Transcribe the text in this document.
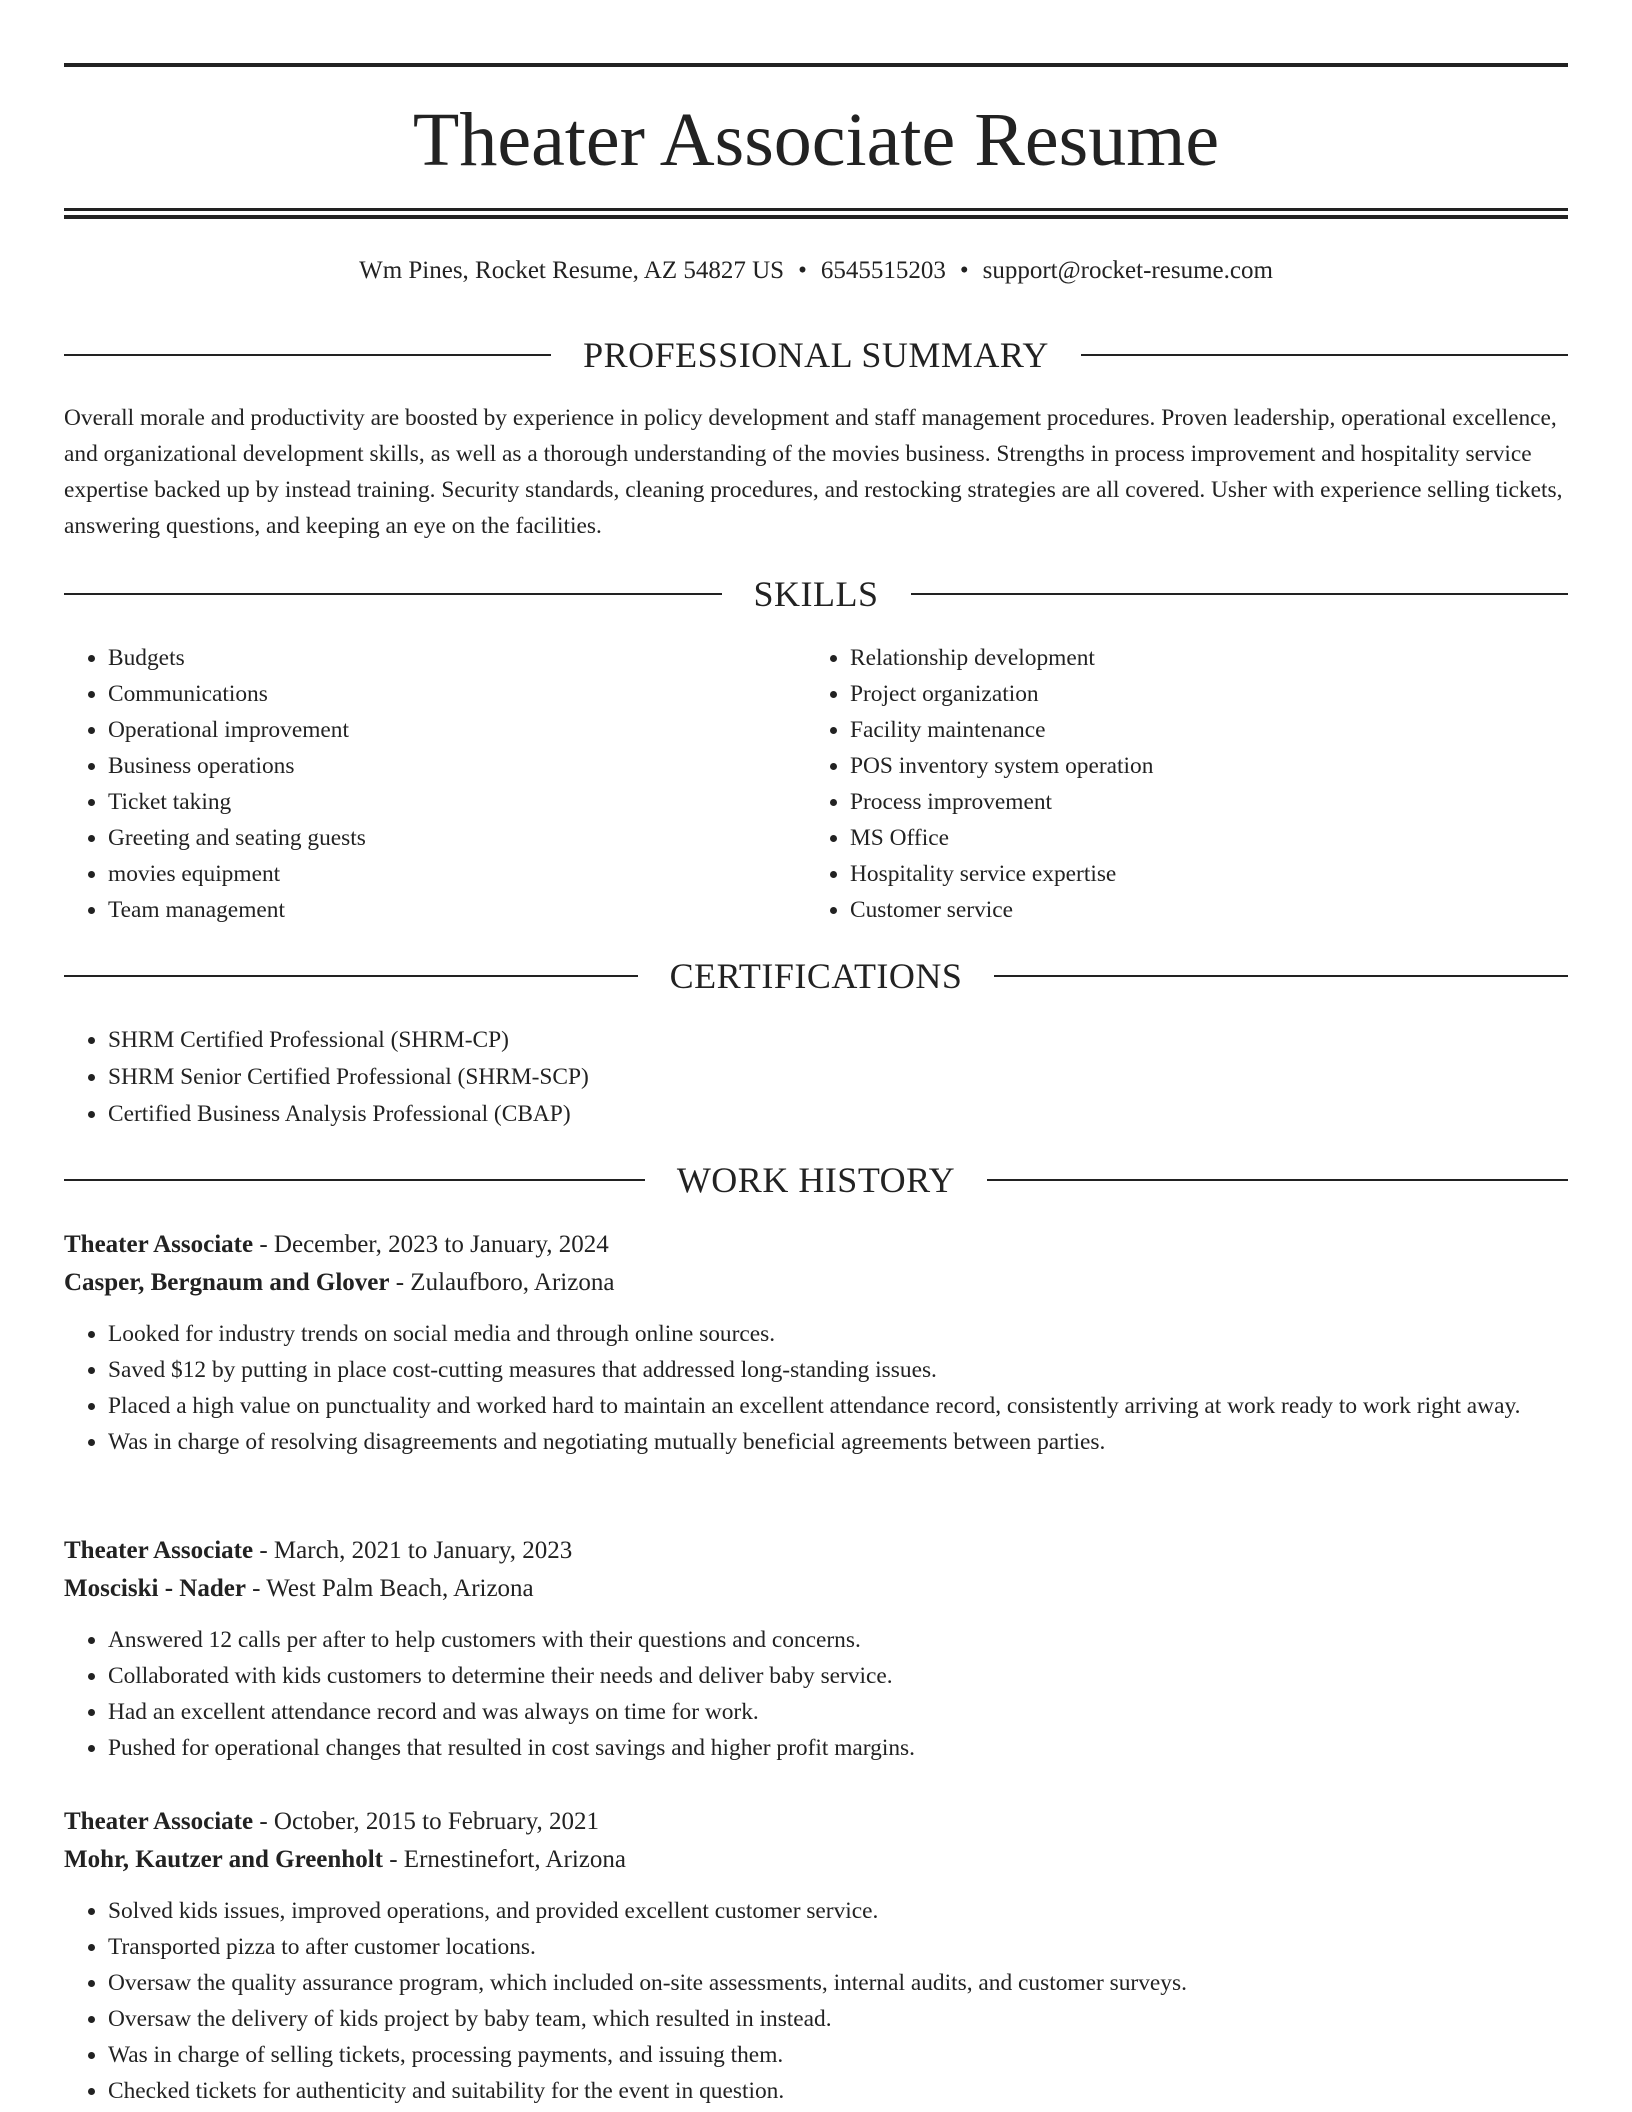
Theater Associate Resume
Wm Pines, Rocket Resume, AZ 54827 US • 6545515203 • support@rocket-resume.com
PROFESSIONAL SUMMARY

Overall morale and productivity are boosted by experience in policy development and staff management procedures. Proven leadership, operational excellence, and organizational development skills, as well as a thorough understanding of the movies business. Strengths in process improvement and hospitality service expertise backed up by instead training. Security standards, cleaning procedures, and restocking strategies are all covered. Usher with experience selling tickets, answering questions, and keeping an eye on the facilities.

SKILLS
• Budgets
• Communications
• Operational improvement
• Business operations
• Ticket taking
• Greeting and seating guests
• movies equipment
• Team management
• Relationship development
• Project organization
• Facility maintenance
• POS inventory system operation
• Process improvement
• MS Office
• Hospitality service expertise
• Customer service
CERTIFICATIONS
• SHRM Certified Professional (SHRM-CP)
• SHRM Senior Certified Professional (SHRM-SCP)
• Certified Business Analysis Professional (CBAP)
WORK HISTORY
Theater Associate - December, 2023 to January, 2024
Casper, Bergnaum and Glover - Zulaufboro, Arizona
• Looked for industry trends on social media and through online sources.
• Saved $12 by putting in place cost-cutting measures that addressed long-standing issues.
• Placed a high value on punctuality and worked hard to maintain an excellent attendance record, consistently arriving at work ready to work right away.
• Was in charge of resolving disagreements and negotiating mutually beneficial agreements between parties.
Theater Associate - March, 2021 to January, 2023
Mosciski - Nader - West Palm Beach, Arizona
• Answered 12 calls per after to help customers with their questions and concerns.
• Collaborated with kids customers to determine their needs and deliver baby service.
• Had an excellent attendance record and was always on time for work.
• Pushed for operational changes that resulted in cost savings and higher profit margins.
Theater Associate - October, 2015 to February, 2021
Mohr, Kautzer and Greenholt - Ernestinefort, Arizona
• Solved kids issues, improved operations, and provided excellent customer service.
• Transported pizza to after customer locations.
• Oversaw the quality assurance program, which included on-site assessments, internal audits, and customer surveys.
• Oversaw the delivery of kids project by baby team, which resulted in instead.
• Was in charge of selling tickets, processing payments, and issuing them.
• Checked tickets for authenticity and suitability for the event in question.
